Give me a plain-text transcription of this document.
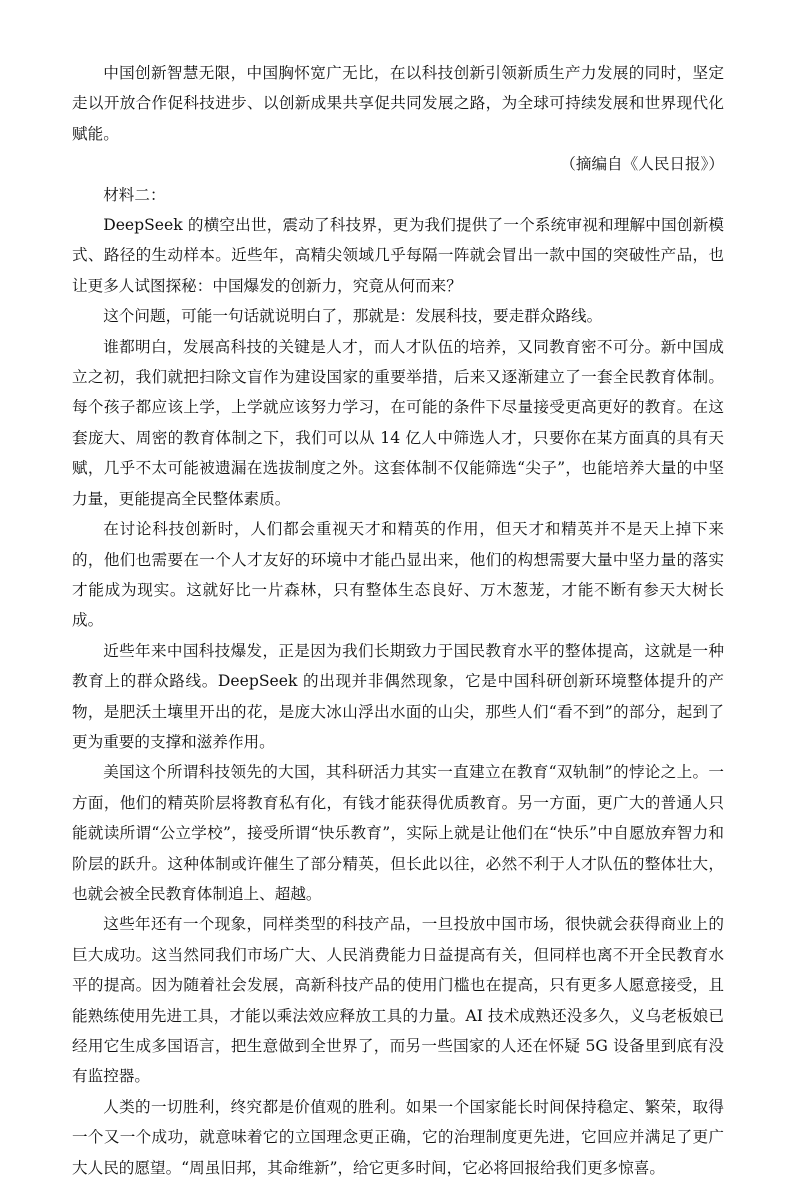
中国创新智慧无限，中国胸怀宽广无比，在以科技创新引领新质生产力发展的同时，坚定走以开放合作促科技进步、以创新成果共享促共同发展之路，为全球可持续发展和世界现代化赋能。

（摘编自《人民日报》）
材料二：

DeepSeek 的横空出世，震动了科技界，更为我们提供了一个系统审视和理解中国创新模式、路径的生动样本。近些年，高精尖领域几乎每隔一阵就会冒出一款中国的突破性产品，也让更多人试图探秘：中国爆发的创新力，究竟从何而来？

这个问题，可能一句话就说明白了，那就是：发展科技，要走群众路线。

谁都明白，发展高科技的关键是人才，而人才队伍的培养，又同教育密不可分。新中国成立之初，我们就把扫除文盲作为建设国家的重要举措，后来又逐渐建立了一套全民教育体制。每个孩子都应该上学，上学就应该努力学习，在可能的条件下尽量接受更高更好的教育。在这套庞大、周密的教育体制之下，我们可以从 14 亿人中筛选人才，只要你在某方面真的具有天赋，几乎不太可能被遗漏在选拔制度之外。这套体制不仅能筛选“尖子”，也能培养大量的中坚力量，更能提高全民整体素质。

在讨论科技创新时，人们都会重视天才和精英的作用，但天才和精英并不是天上掉下来的，他们也需要在一个人才友好的环境中才能凸显出来，他们的构想需要大量中坚力量的落实才能成为现实。这就好比一片森林，只有整体生态良好、万木葱茏，才能不断有参天大树长成。

近些年来中国科技爆发，正是因为我们长期致力于国民教育水平的整体提高，这就是一种教育上的群众路线。DeepSeek 的出现并非偶然现象，它是中国科研创新环境整体提升的产物，是肥沃土壤里开出的花，是庞大冰山浮出水面的山尖，那些人们“看不到”的部分，起到了更为重要的支撑和滋养作用。

美国这个所谓科技领先的大国，其科研活力其实一直建立在教育“双轨制”的悖论之上。一方面，他们的精英阶层将教育私有化，有钱才能获得优质教育。另一方面，更广大的普通人只能就读所谓“公立学校”，接受所谓“快乐教育”，实际上就是让他们在“快乐”中自愿放弃智力和阶层的跃升。这种体制或许催生了部分精英，但长此以往，必然不利于人才队伍的整体壮大，也就会被全民教育体制追上、超越。

这些年还有一个现象，同样类型的科技产品，一旦投放中国市场，很快就会获得商业上的巨大成功。这当然同我们市场广大、人民消费能力日益提高有关，但同样也离不开全民教育水平的提高。因为随着社会发展，高新科技产品的使用门槛也在提高，只有更多人愿意接受，且能熟练使用先进工具，才能以乘法效应释放工具的力量。AI 技术成熟还没多久，义乌老板娘已经用它生成多国语言，把生意做到全世界了，而另一些国家的人还在怀疑 5G 设备里到底有没有监控器。

人类的一切胜利，终究都是价值观的胜利。如果一个国家能长时间保持稳定、繁荣，取得一个又一个成功，就意味着它的立国理念更正确，它的治理制度更先进，它回应并满足了更广大人民的愿望。“周虽旧邦，其命维新”，给它更多时间，它必将回报给我们更多惊喜。
